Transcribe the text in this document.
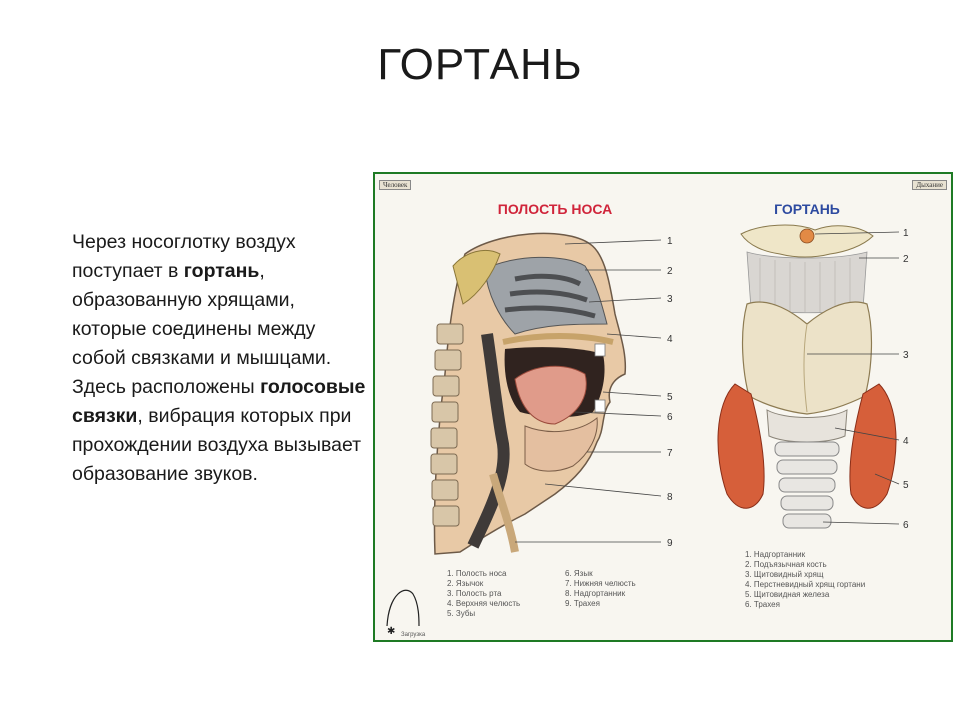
ГОРТАНЬ
Через носоглотку воздух поступает в гортань, образованную хрящами, которые соединены между собой связками и мышцами.
Здесь расположены голосовые связки, вибрация которых при прохождении воздуха вызывает образование звуков.
Человек	Дыхание
ПОЛОСТЬ НОСА	ГОРТАНЬ
1
2
3
4
5
6
7
8
9
1
2
3
4
5
6
✱
1. Полость носа	6. Язык
2. Язычок	7. Нижняя челюсть
3. Полость рта	8. Надгортанник
4. Верхняя челюсть	9. Трахея
5. Зубы
1. Надгортанник
2. Подъязычная кость
3. Щитовидный хрящ
4. Перстневидный хрящ гортани
5. Щитовидная железа
6. Трахея
Загрузка
